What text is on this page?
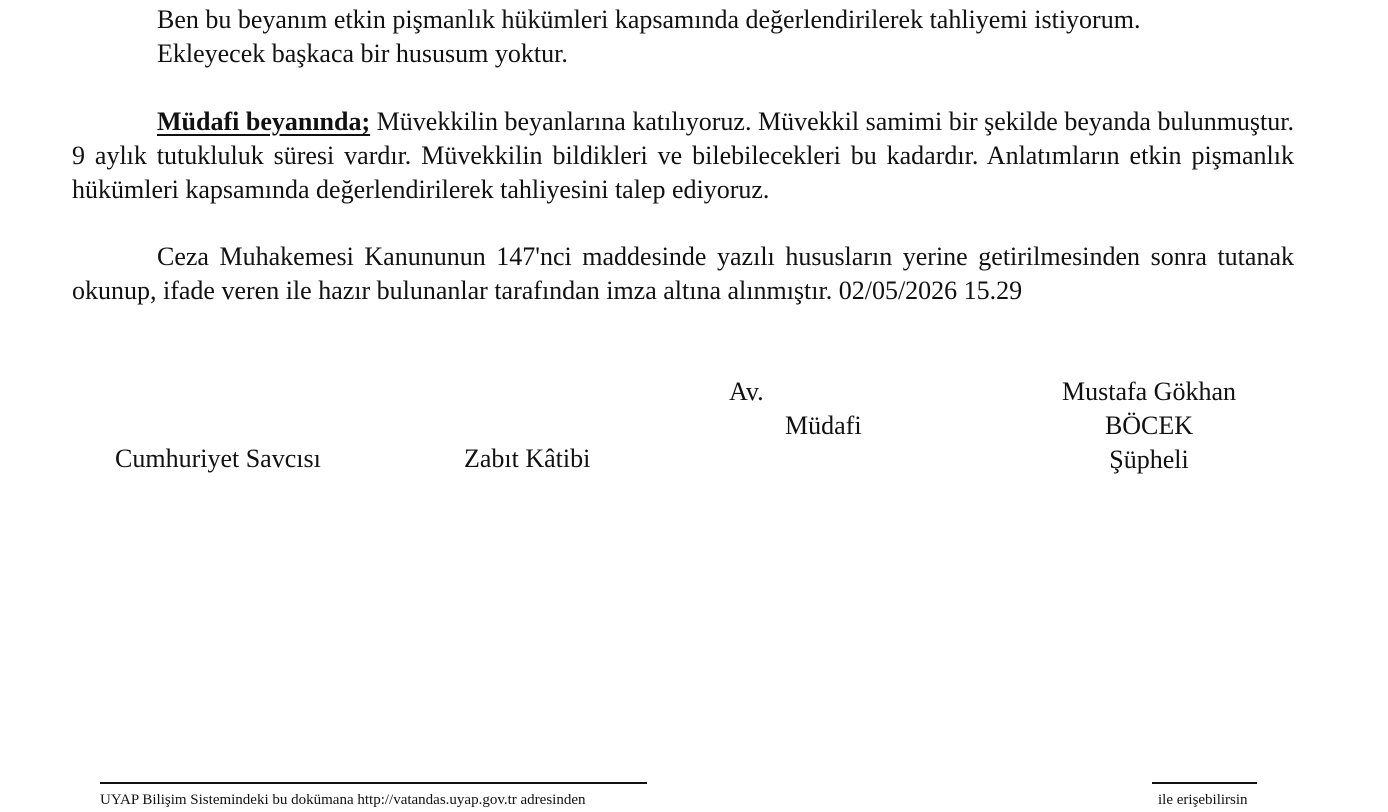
Ben bu beyanım etkin pişmanlık hükümleri kapsamında değerlendirilerek tahliyemi istiyorum.

Ekleyecek başkaca bir hususum yoktur.

Müdafi beyanında; Müvekkilin beyanlarına katılıyoruz. Müvekkil samimi bir şekilde beyanda bulunmuştur. 9 aylık tutukluluk süresi vardır. Müvekkilin bildikleri ve bilebilecekleri bu kadardır. Anlatımların etkin pişmanlık hükümleri kapsamında değerlendirilerek tahliyesini talep ediyoruz.

Ceza Muhakemesi Kanununun 147'nci maddesinde yazılı hususların yerine getirilmesinden sonra tutanak okunup, ifade veren ile hazır bulunanlar tarafından imza altına alınmıştır. 02/05/2026 15.29

Cumhuriyet Savcısı	Zabıt Kâtibi
Av.
Müdafi
Mustafa Gökhan
BÖCEK
Şüpheli
UYAP Bilişim Sistemindeki bu dokümana http://vatandas.uyap.gov.tr adresinden	ile erişebilirsin
